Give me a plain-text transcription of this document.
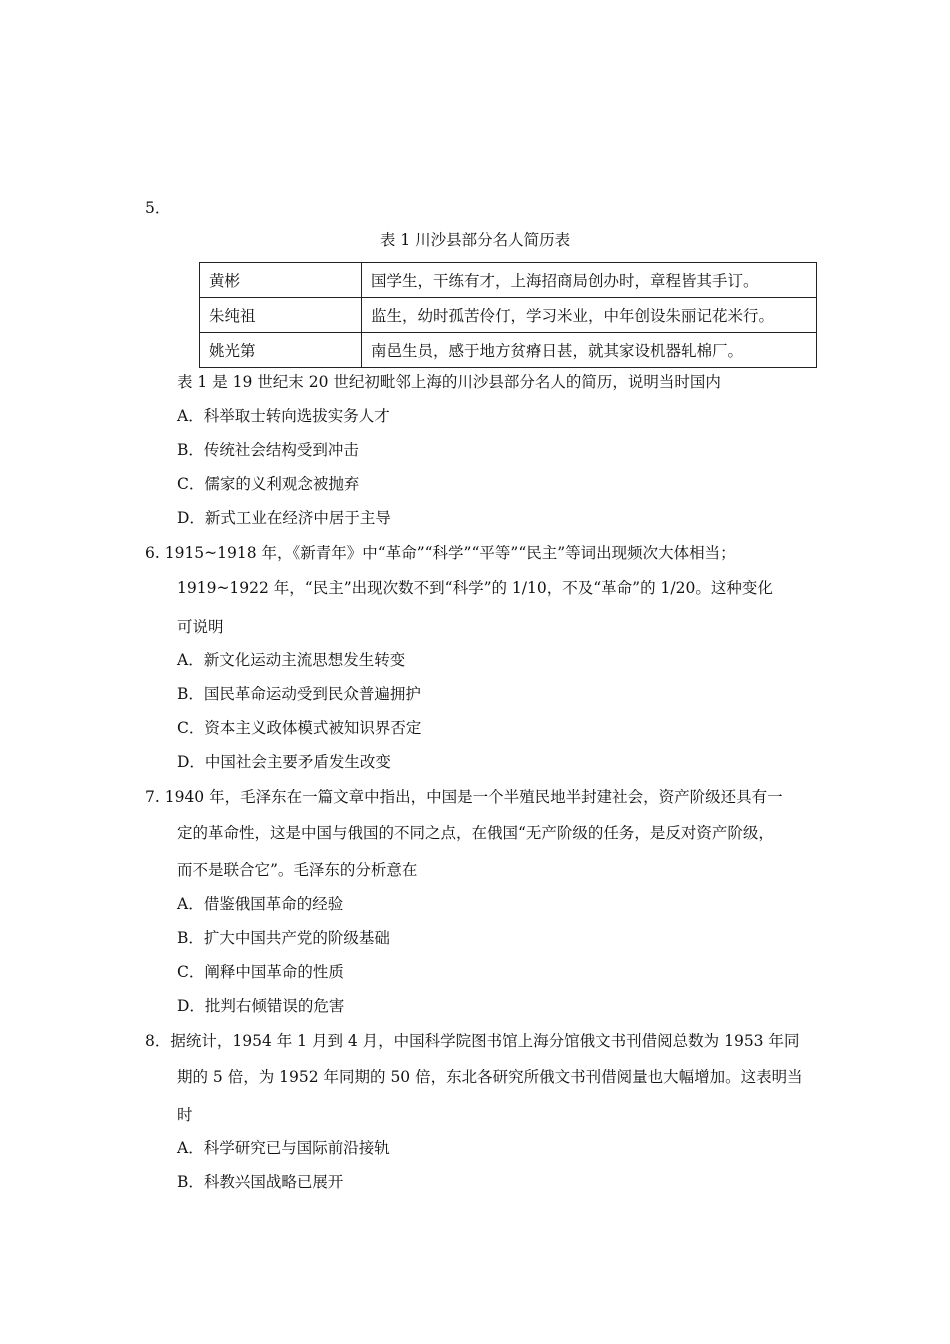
5．
表 1 川沙县部分名人简历表
黄彬	国学生，干练有才，上海招商局创办时，章程皆其手订。
朱纯祖	监生，幼时孤苦伶仃，学习米业，中年创设朱丽记花米行。
姚光第	南邑生员，感于地方贫瘠日甚，就其家设机器轧棉厂。
表 1 是 19 世纪末 20 世纪初毗邻上海的川沙县部分名人的简历，说明当时国内
A．科举取士转向选拔实务人才
B．传统社会结构受到冲击
C．儒家的义利观念被抛弃
D．新式工业在经济中居于主导
6. 1915~1918 年，《新青年》中“革命”“科学”“平等”“民主”等词出现频次大体相当；
1919~1922 年，“民主”出现次数不到“科学”的 1/10，不及“革命”的 1/20。这种变化
可说明
A．新文化运动主流思想发生转变
B．国民革命运动受到民众普遍拥护
C．资本主义政体模式被知识界否定
D．中国社会主要矛盾发生改变
7. 1940 年，毛泽东在一篇文章中指出，中国是一个半殖民地半封建社会，资产阶级还具有一
定的革命性，这是中国与俄国的不同之点，在俄国“无产阶级的任务，是反对资产阶级，
而不是联合它”。毛泽东的分析意在
A．借鉴俄国革命的经验
B．扩大中国共产党的阶级基础
C．阐释中国革命的性质
D．批判右倾错误的危害
8．据统计，1954 年 1 月到 4 月，中国科学院图书馆上海分馆俄文书刊借阅总数为 1953 年同
期的 5 倍，为 1952 年同期的 50 倍，东北各研究所俄文书刊借阅量也大幅增加。这表明当
时
A．科学研究已与国际前沿接轨
B．科教兴国战略已展开
